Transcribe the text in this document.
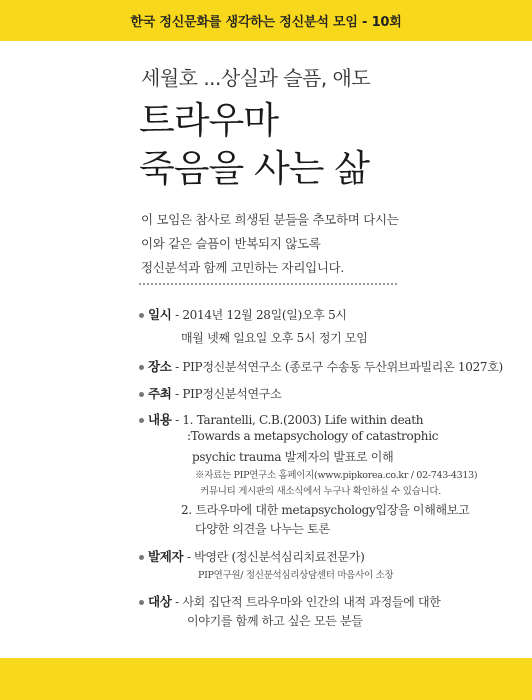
한국 정신문화를 생각하는 정신분석 모임 - 10회
세월호 ...상실과 슬픔, 애도
트라우마
죽음을 사는 삶
이 모임은 참사로 희생된 분들을 추모하며 다시는
이와 같은 슬픔이 반복되지 않도록
정신분석과 함께 고민하는 자리입니다.
일시 - 2014년 12월 28일(일)오후 5시
매월 넷째 일요일 오후 5시 정기 모임
장소 - PIP정신분석연구소 (종로구 수송동 두산위브파빌리온 1027호)
주최 - PIP정신분석연구소
내용 - 1. Tarantelli, C.B.(2003) Life within death
:Towards a metapsychology of catastrophic
psychic trauma 발제자의 발표로 이해
※자료는 PIP연구소 홈페이지(www.pipkorea.co.kr / 02-743-4313)
커뮤니티 게시판의 새소식에서 누구나 확인하실 수 있습니다.
2. 트라우마에 대한 metapsychology입장을 이해해보고
다양한 의견을 나누는 토론
발제자 - 박영란 (정신분석심리치료전문가)
PIP연구원/ 정신분석심리상담센터 마음사이 소장
대상 - 사회 집단적 트라우마와 인간의 내적 과정들에 대한
이야기를 함께 하고 싶은 모든 분들
